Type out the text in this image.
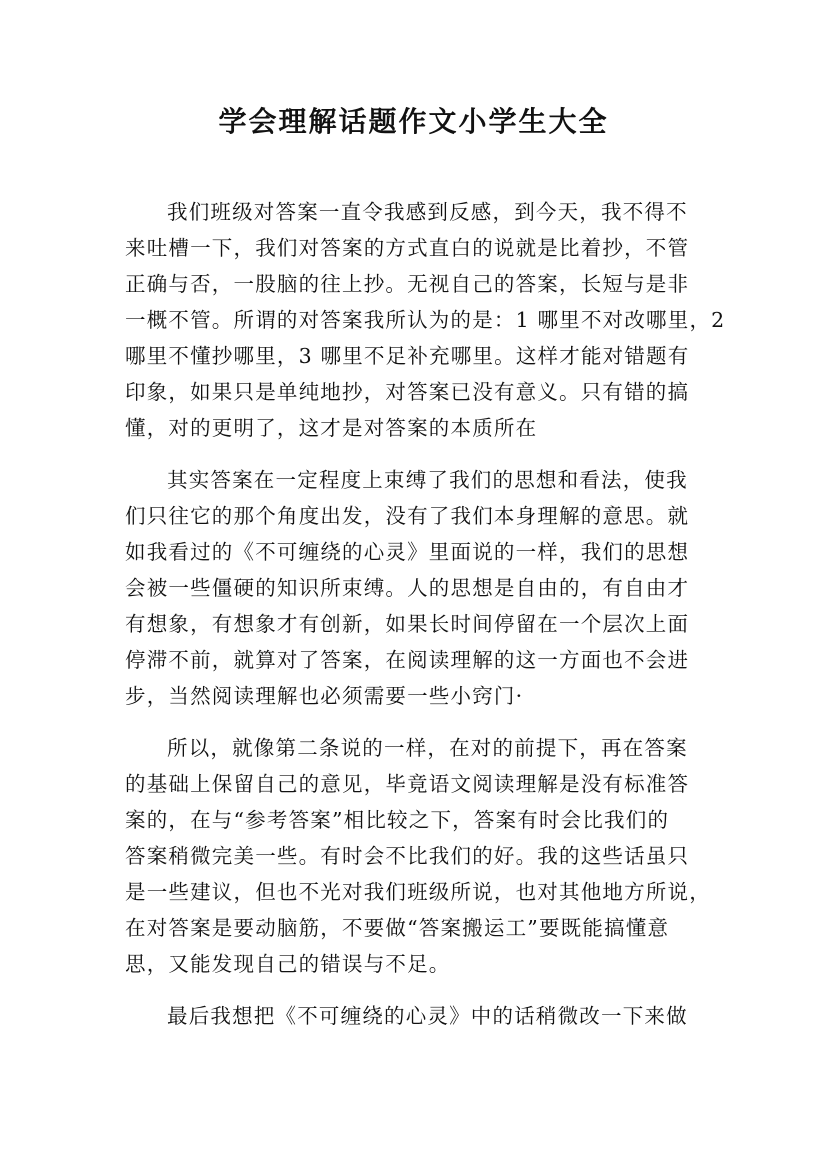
学会理解话题作文小学生大全
我们班级对答案一直令我感到反感，到今天，我不得不
来吐槽一下，我们对答案的方式直白的说就是比着抄，不管
正确与否，一股脑的往上抄。无视自己的答案，长短与是非
一概不管。所谓的对答案我所认为的是：1 哪里不对改哪里，2
哪里不懂抄哪里，3 哪里不足补充哪里。这样才能对错题有
印象，如果只是单纯地抄，对答案已没有意义。只有错的搞
懂，对的更明了，这才是对答案的本质所在
其实答案在一定程度上束缚了我们的思想和看法，使我
们只往它的那个角度出发，没有了我们本身理解的意思。就
如我看过的《不可缠绕的心灵》里面说的一样，我们的思想
会被一些僵硬的知识所束缚。人的思想是自由的，有自由才
有想象，有想象才有创新，如果长时间停留在一个层次上面
停滞不前，就算对了答案，在阅读理解的这一方面也不会进
步，当然阅读理解也必须需要一些小窍门·
所以，就像第二条说的一样，在对的前提下，再在答案
的基础上保留自己的意见，毕竟语文阅读理解是没有标准答
案的，在与“参考答案”相比较之下，答案有时会比我们的
答案稍微完美一些。有时会不比我们的好。我的这些话虽只
是一些建议，但也不光对我们班级所说，也对其他地方所说，
在对答案是要动脑筋，不要做“答案搬运工”要既能搞懂意
思，又能发现自己的错误与不足。
最后我想把《不可缠绕的心灵》中的话稍微改一下来做
